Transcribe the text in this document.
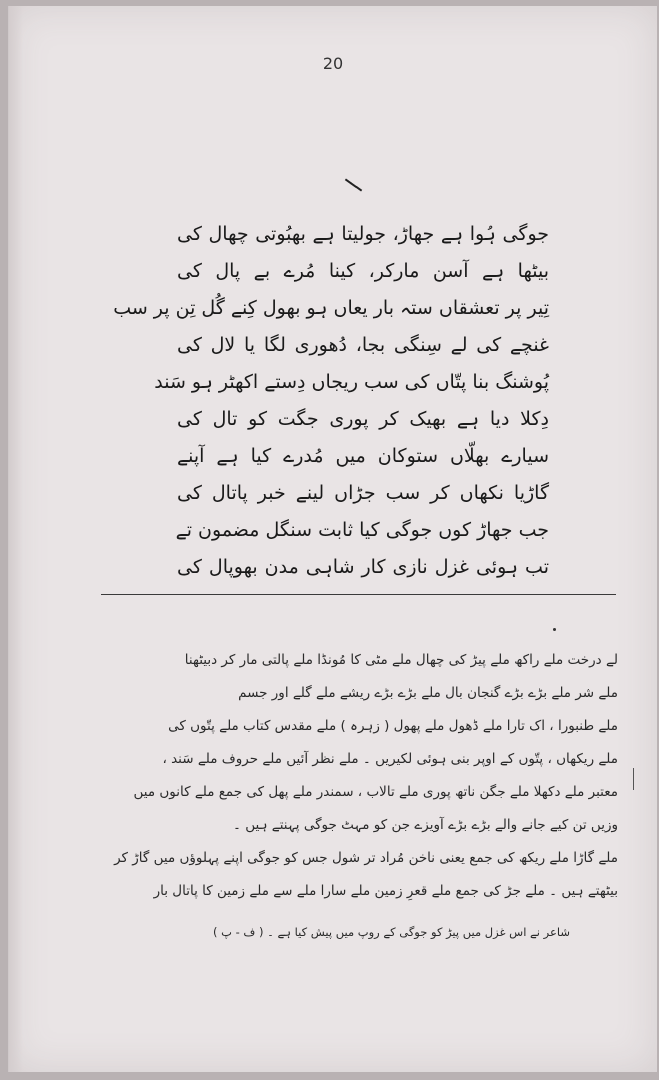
20
ـــ
جوگی ہُوا ہے جھاڑ، جولیتا ہے بھبُوتی چھال کی
بیٹھا ہے آسن مارکر، کینا مُرے بے پال کی
تِیر پر تعشقاں ستہ بار یعاں ہو بھول کِنے گُل تِن پر سب
غنچے کی لے سِنگی بجا، دُھوری لگا یا لال کی
پُوشنگ بنا پتّاں کی سب ریجاں دِستے اکھٹر ہو سَند
دِکلا دیا ہے بھیک کر پوری جگت کو تال کی
سیارے بھلّاں ستوکان میں مُدرے کیا ہے آپنے
گاڑیا نکھاں کر سب جڑاں لینے خبر پاتال کی
جب جھاڑ کوں جوگی کیا ثابت سنگل مضمون تے
تب ہوئی غزل نازی کار شاہی مدن بھوپال کی
لے درخت ملے راکھ ملے پیڑ کی چھال ملے مٹی کا مُونڈا ملے پالتی مار کر دبیٹھنا
ملے شر ملے بڑے بڑے گنجان بال ملے بڑے بڑے ریشے ملے گلے اور جسم
ملے طنبورا ، اک تارا ملے ڈھول ملے پھول ( زہرہ ) ملے مقدس کتاب ملے پتّوں کی
ملے ریکھاں ، پتّوں کے اوپر بنی ہوئی لکیریں ۔ ملے نظر آئیں ملے حروف ملے سَند ،
معتبر ملے دکھلا ملے جگن ناتھ پوری ملے تالاب ، سمندر ملے پھل کی جمع ملے کانوں میں
وزیں تن کیے جانے والے بڑے بڑے آویزے جن کو مہٹ جوگی پہنتے ہیں ۔
ملے گاڑا ملے ریکھ کی جمع یعنی ناخن مُراد تر شول جس کو جوگی اپنے پہلوؤں میں گاڑ کر
بیٹھتے ہیں ۔ ملے جڑ کی جمع ملے قعرِ زمین ملے سارا ملے سے ملے زمین کا پاتال بار
شاعر نے اس غزل میں پیڑ کو جوگی کے روپ میں پیش کیا ہے ۔ ( ف - پ )
